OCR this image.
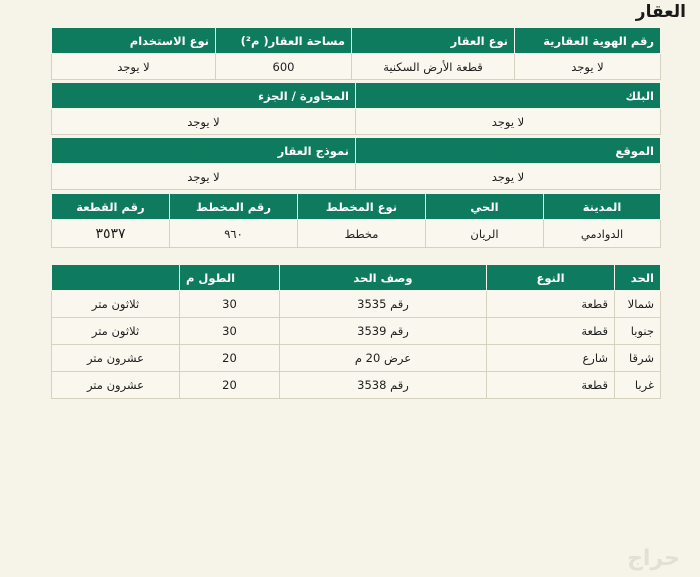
العقار
رقم الهوية العقارية	نوع العقار	مساحة العقار( م²)	نوع الاستخدام
لا يوجد	قطعة الأرض السكنية	600	لا يوجد
البلك	المجاورة / الجزء
لا يوجد	لا يوجد
الموقع	نموذج العقار
لا يوجد	لا يوجد
المدينة	الحي	نوع المخطط	رقم المخطط	رقم القطعة
الدوادمي	الريان	مخطط	٩٦٠	٣٥٣٧
الحد	النوع	وصف الحد	الطول م	
شمالا	قطعة	رقم 3535	30	ثلاثون متر
جنوبا	قطعة	رقم 3539	30	ثلاثون متر
شرقا	شارع	عرض 20 م	20	عشرون متر
غربا	قطعة	رقم 3538	20	عشرون متر
حراج
